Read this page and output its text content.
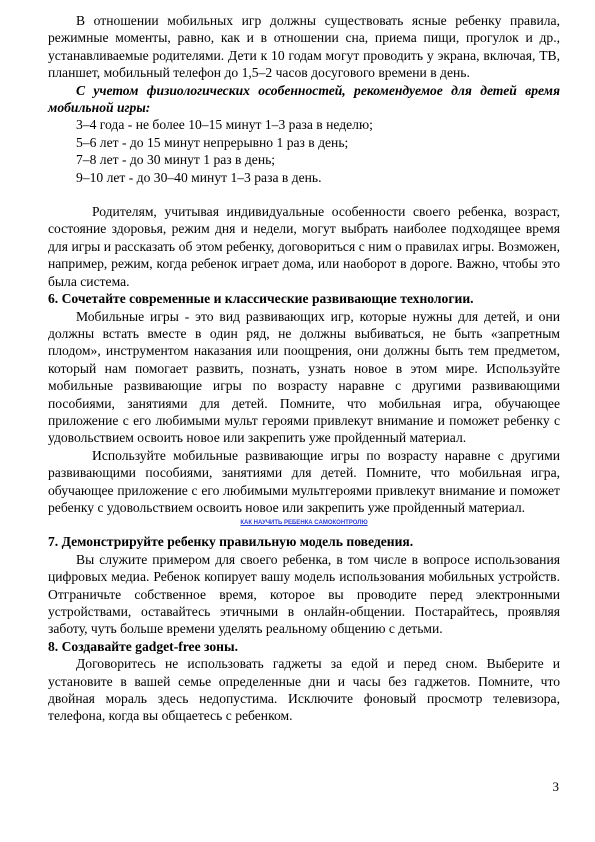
В отношении мобильных игр должны существовать ясные ребенку правила, режимные моменты, равно, как и в отношении сна, приема пищи, прогулок и др., устанавливаемые родителями. Дети к 10 годам могут проводить у экрана, включая, ТВ, планшет, мобильный телефон до 1,5–2 часов досугового времени в день.

С учетом физиологических особенностей, рекомендуемое для детей время мобильной игры:

3–4 года - не более 10–15 минут 1–3 раза в неделю;
5–6 лет - до 15 минут непрерывно 1 раз в день;
7–8 лет - до 30 минут 1 раз в день;
9–10 лет - до 30–40 минут 1–3 раза в день.

Родителям, учитывая индивидуальные особенности своего ребенка, возраст, состояние здоровья, режим дня и недели, могут выбрать наиболее подходящее время для игры и рассказать об этом ребенку, договориться с ним о правилах игры. Возможен, например, режим, когда ребенок играет дома, или наоборот в дороге. Важно, чтобы это была система.

6. Сочетайте современные и классические развивающие технологии.

Мобильные игры - это вид развивающих игр, которые нужны для детей, и они должны встать вместе в один ряд, не должны выбиваться, не быть «запретным плодом», инструментом наказания или поощрения, они должны быть тем предметом, который нам помогает развить, познать, узнать новое в этом мире. Используйте мобильные развивающие игры по возрасту наравне с другими развивающими пособиями, занятиями для детей. Помните, что мобильная игра, обучающее приложение с его любимыми мульт героями привлекут внимание и поможет ребенку с удовольствием освоить новое или закрепить уже пройденный материал.

Используйте мобильные развивающие игры по возрасту наравне с другими развивающими пособиями, занятиями для детей. Помните, что мобильная игра, обучающее приложение с его любимыми мультгероями привлекут внимание и поможет ребенку с удовольствием освоить новое или закрепить уже пройденный материал.

КАК НАУЧИТЬ РЕБЕНКА САМОКОНТРОЛЮ

7. Демонстрируйте ребенку правильную модель поведения.

Вы служите примером для своего ребенка, в том числе в вопросе использования цифровых медиа. Ребенок копирует вашу модель использования мобильных устройств. Отграничьте собственное время, которое вы проводите перед электронными устройствами, оставайтесь этичными в онлайн-общении. Постарайтесь, проявляя заботу, чуть больше времени уделять реальному общению с детьми.

8. Создавайте gadget-free зоны.

Договоритесь не использовать гаджеты за едой и перед сном. Выберите и установите в вашей семье определенные дни и часы без гаджетов. Помните, что двойная мораль здесь недопустима. Исключите фоновый просмотр телевизора, телефона, когда вы общаетесь с ребенком.

3
